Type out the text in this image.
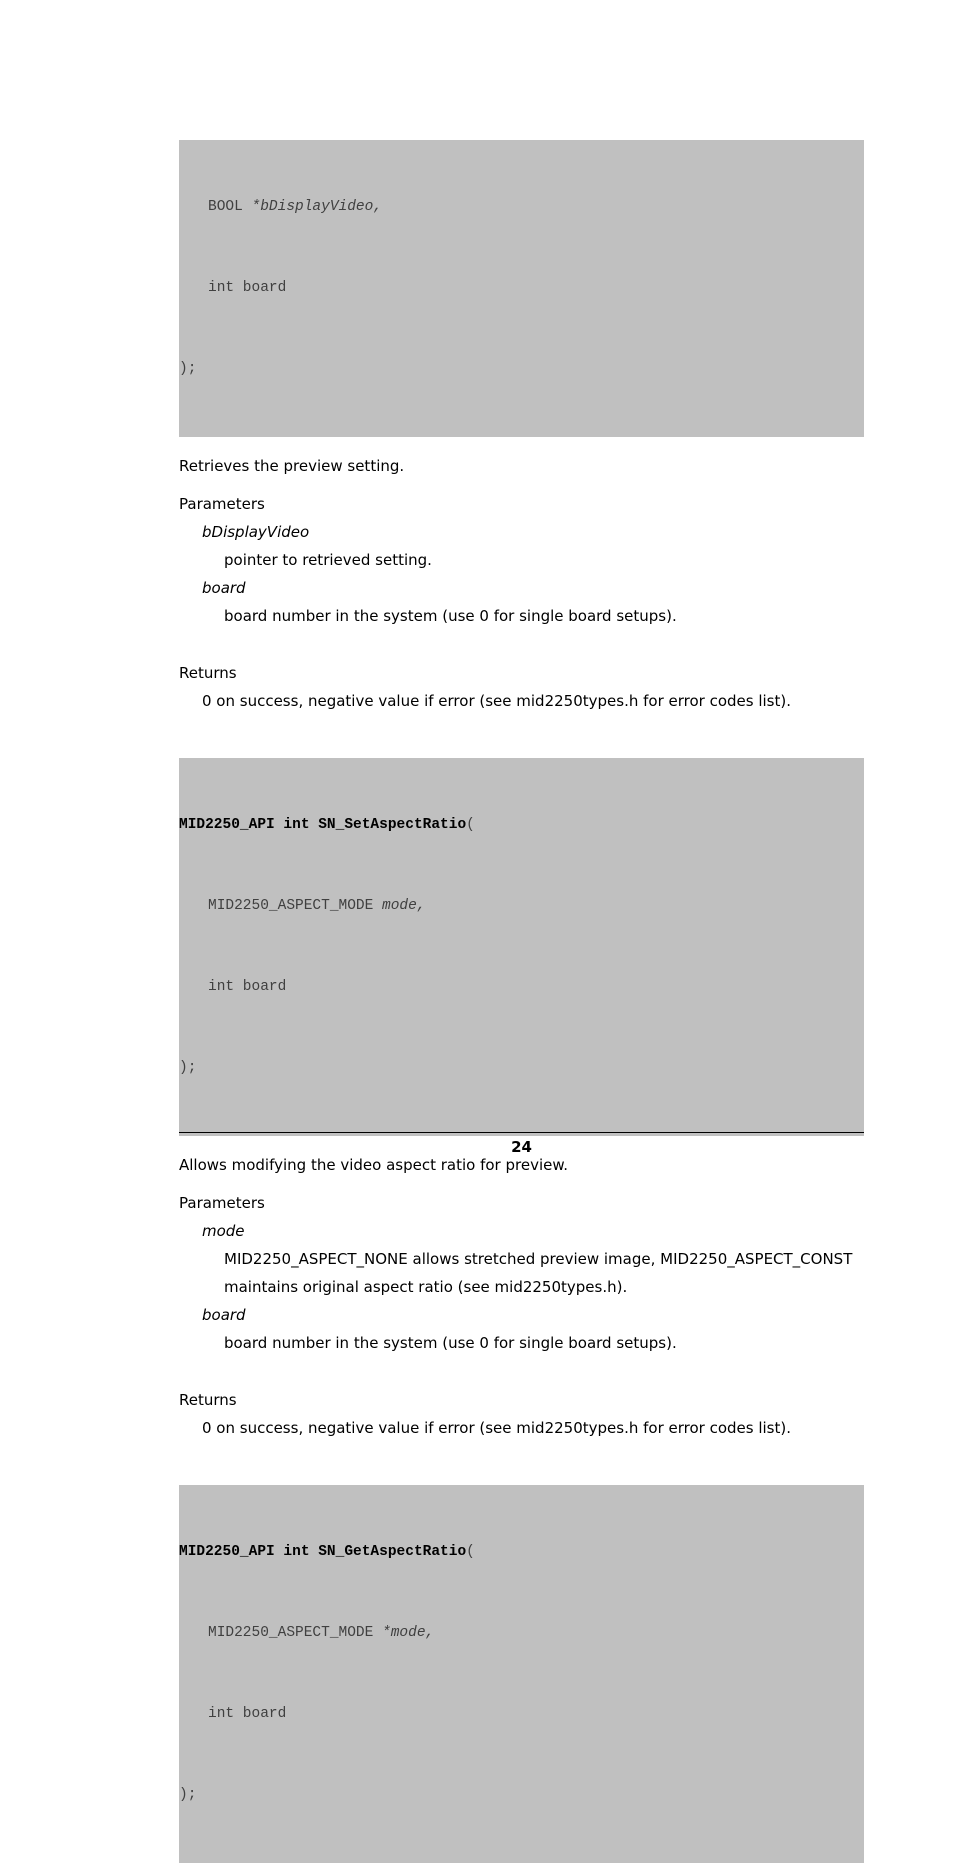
BOOL *bDisplayVideo,

int board

);

Retrieves the preview setting.
Parameters
bDisplayVideo
pointer to retrieved setting.
board
board number in the system (use 0 for single board setups).
Returns
0 on success, negative value if error (see mid2250types.h for error codes list).

MID2250_API int SN_SetAspectRatio(

MID2250_ASPECT_MODE mode,

int board

);

Allows modifying the video aspect ratio for preview.
Parameters
mode
MID2250_ASPECT_NONE allows stretched preview image, MID2250_ASPECT_CONST
maintains original aspect ratio (see mid2250types.h).
board
board number in the system (use 0 for single board setups).
Returns
0 on success, negative value if error (see mid2250types.h for error codes list).

MID2250_API int SN_GetAspectRatio(

MID2250_ASPECT_MODE *mode,

int board

);

24
